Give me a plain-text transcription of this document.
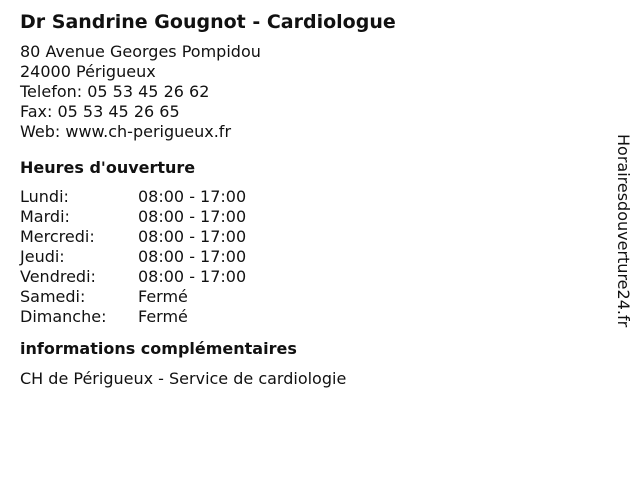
Dr Sandrine Gougnot - Cardiologue
80 Avenue Georges Pompidou
24000 Périgueux
Telefon: 05 53 45 26 62
Fax: 05 53 45 26 65
Web: www.ch-perigueux.fr
Heures d'ouverture
Lundi:	08:00 - 17:00
Mardi:	08:00 - 17:00
Mercredi:	08:00 - 17:00
Jeudi:	08:00 - 17:00
Vendredi:	08:00 - 17:00
Samedi:	Fermé
Dimanche:	Fermé
informations complémentaires
CH de Périgueux - Service de cardiologie
Horairesdouverture24.fr
